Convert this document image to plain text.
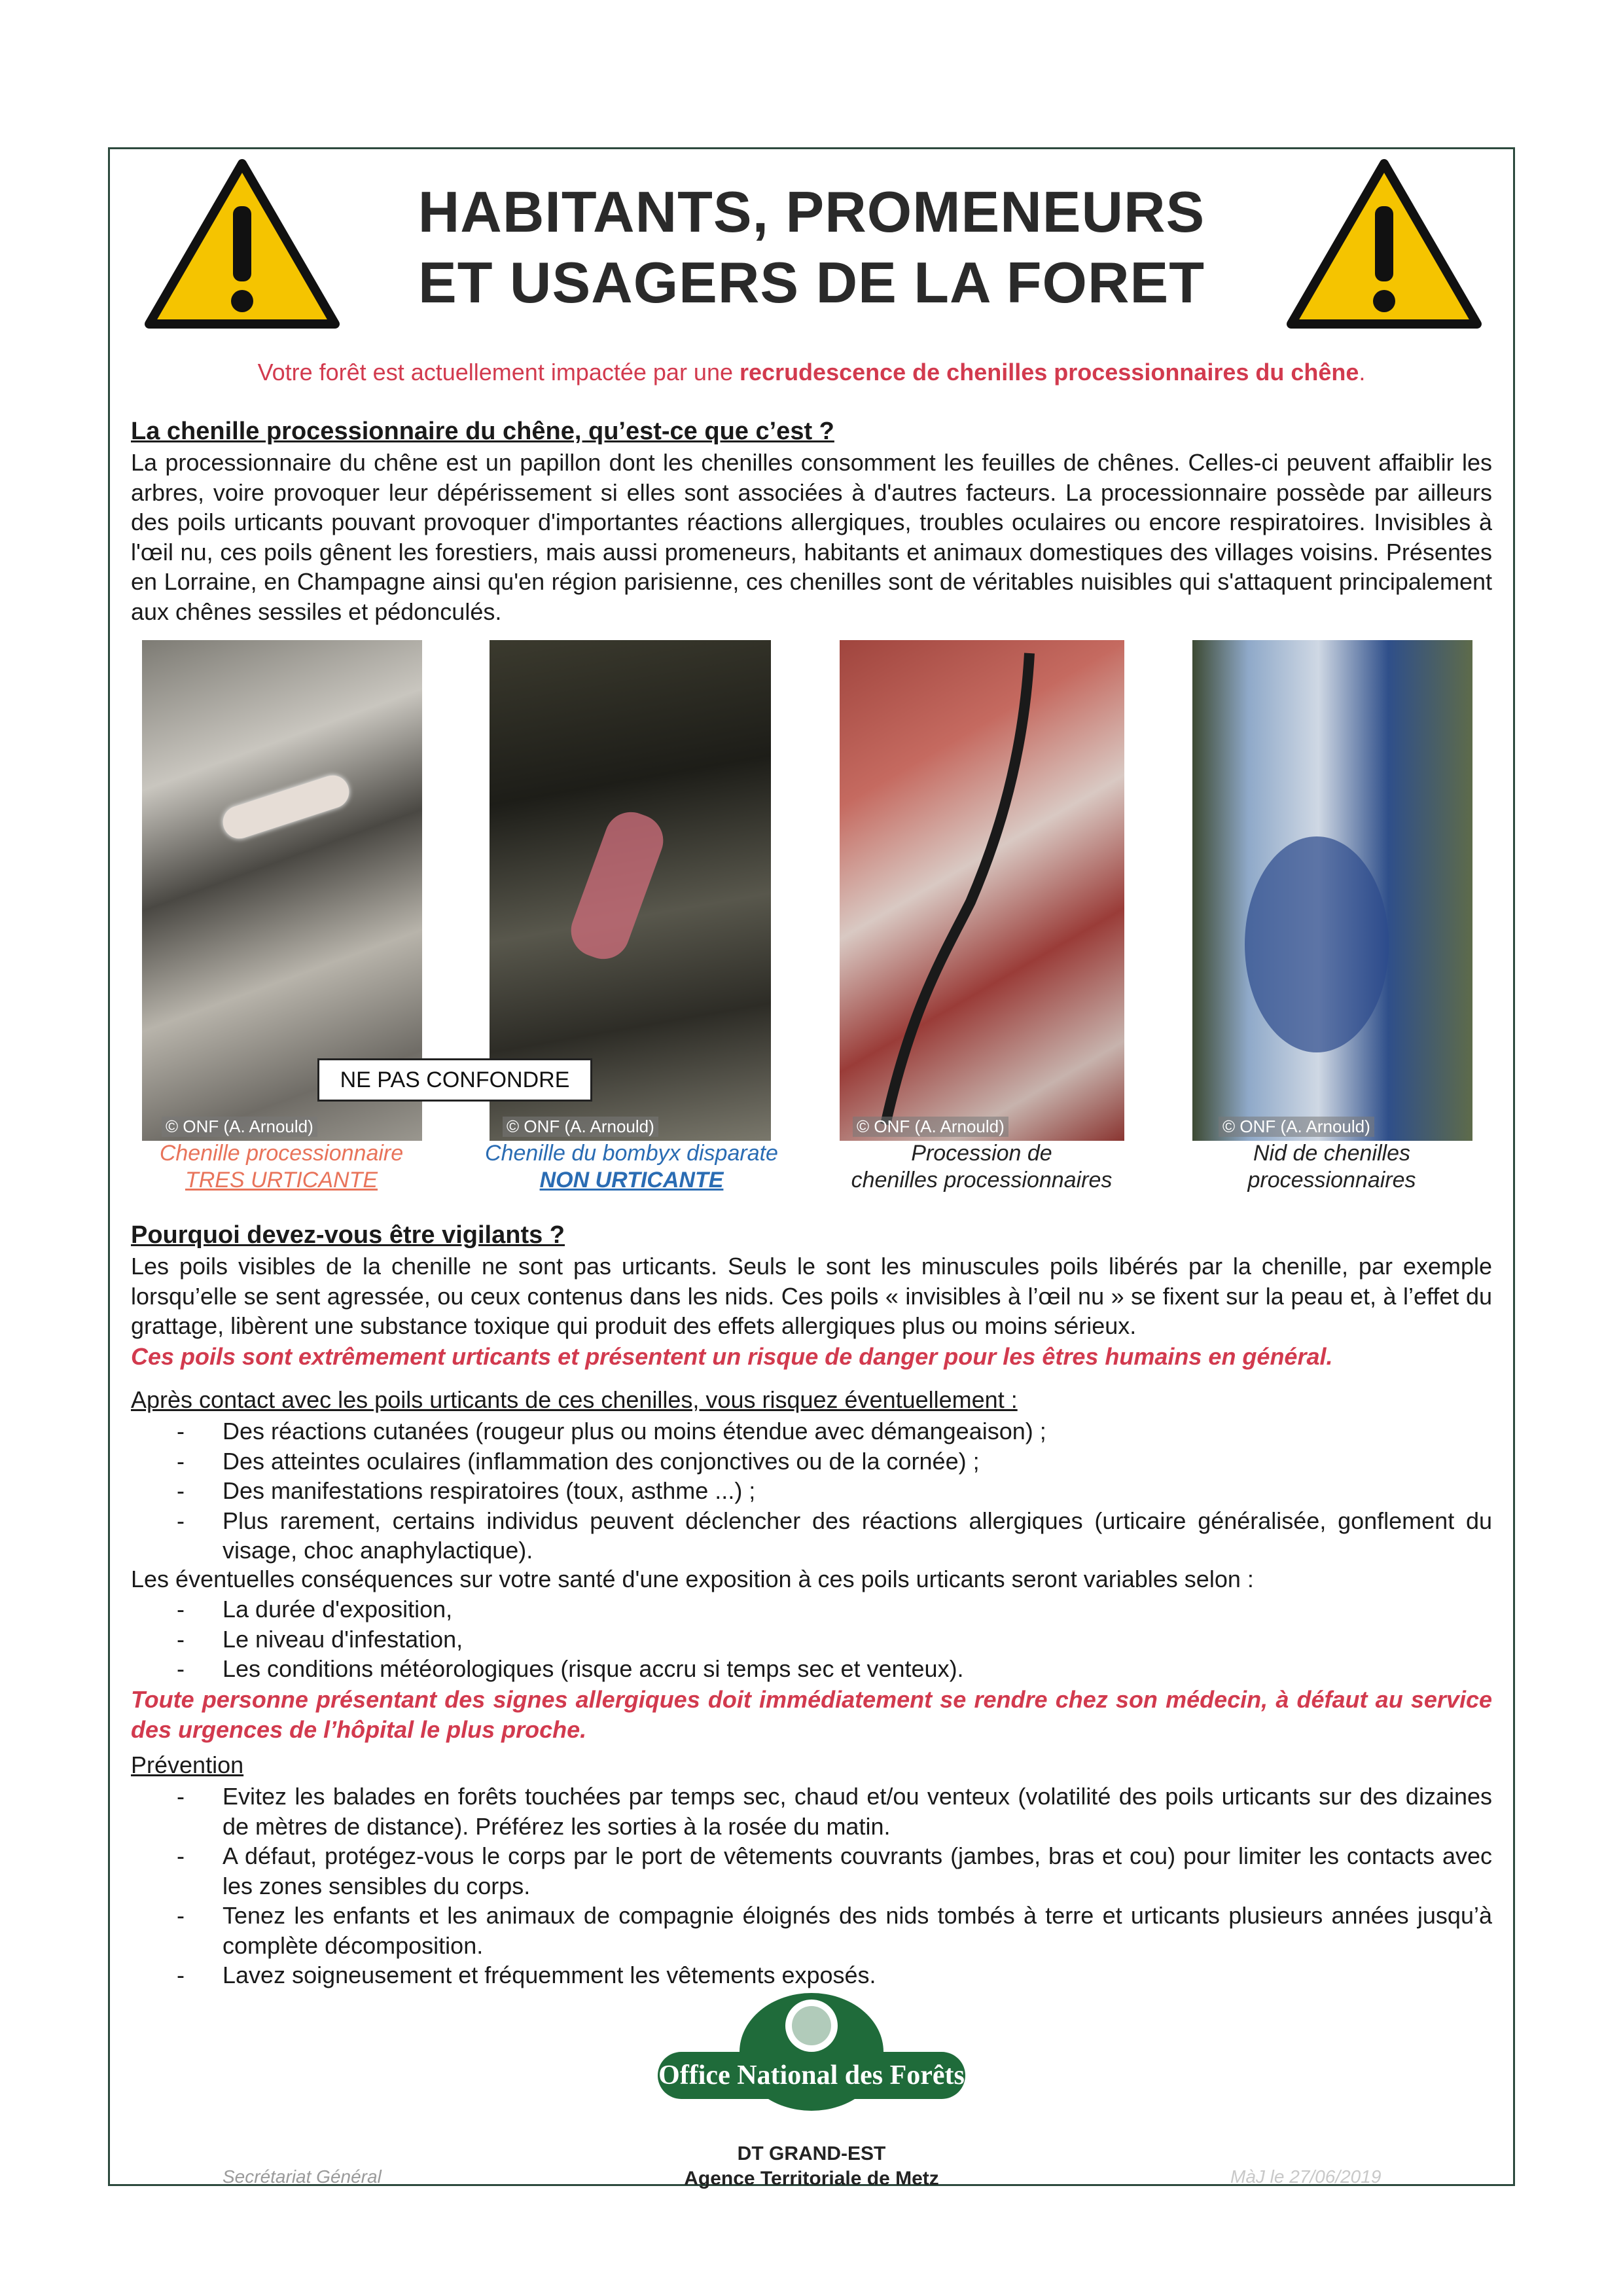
HABITANTS, PROMENEURS
ET USAGERS DE LA FORET
Votre forêt est actuellement impactée par une recrudescence de chenilles processionnaires du chêne.
La chenille processionnaire du chêne, qu’est-ce que c’est ?
La processionnaire du chêne est un papillon dont les chenilles consomment les feuilles de chênes. Celles-ci peuvent affaiblir les arbres, voire provoquer leur dépérissement si elles sont associées à d'autres facteurs. La processionnaire possède par ailleurs des poils urticants pouvant provoquer d'importantes réactions allergiques, troubles oculaires ou encore respiratoires. Invisibles à l'œil nu, ces poils gênent les forestiers, mais aussi promeneurs, habitants et animaux domestiques des villages voisins. Présentes en Lorraine, en Champagne ainsi qu'en région parisienne, ces chenilles sont de véritables nuisibles qui s'attaquent principalement aux chênes sessiles et pédonculés.
© ONF (A. Arnould)	© ONF (A. Arnould)	© ONF (A. Arnould)	© ONF (A. Arnould)
NE PAS CONFONDRE
Chenille processionnaire
TRES URTICANTE
Chenille du bombyx disparate
NON URTICANTE
Procession de
chenilles processionnaires
Nid de chenilles
processionnaires
Pourquoi devez-vous être vigilants ?
Les poils visibles de la chenille ne sont pas urticants. Seuls le sont les minuscules poils libérés par la chenille, par exemple lorsqu’elle se sent agressée, ou ceux contenus dans les nids. Ces poils « invisibles à l’œil nu » se fixent sur la peau et, à l’effet du grattage, libèrent une substance toxique qui produit des effets allergiques plus ou moins sérieux.
Ces poils sont extrêmement urticants et présentent un risque de danger pour les êtres humains en général.
Après contact avec les poils urticants de ces chenilles, vous risquez éventuellement :
- Des réactions cutanées (rougeur plus ou moins étendue avec démangeaison) ;
- Des atteintes oculaires (inflammation des conjonctives ou de la cornée) ;
- Des manifestations respiratoires (toux, asthme ...) ;
- Plus rarement, certains individus peuvent déclencher des réactions allergiques (urticaire généralisée, gonflement du visage, choc anaphylactique).
Les éventuelles conséquences sur votre santé d'une exposition à ces poils urticants seront variables selon :
- La durée d'exposition,
- Le niveau d'infestation,
- Les conditions météorologiques (risque accru si temps sec et venteux).
Toute personne présentant des signes allergiques doit immédiatement se rendre chez son médecin, à défaut au service des urgences de l’hôpital le plus proche.
Prévention
- Evitez les balades en forêts touchées par temps sec, chaud et/ou venteux (volatilité des poils urticants sur des dizaines de mètres de distance). Préférez les sorties à la rosée du matin.
- A défaut, protégez-vous le corps par le port de vêtements couvrants (jambes, bras et cou) pour limiter les contacts avec les zones sensibles du corps.
- Tenez les enfants et les animaux de compagnie éloignés des nids tombés à terre et urticants plusieurs années jusqu’à complète décomposition.
- Lavez soigneusement et fréquemment les vêtements exposés.
Office National des Forêts
Secrétariat Général
DT GRAND-EST
Agence Territoriale de Metz	MàJ le 27/06/2019
